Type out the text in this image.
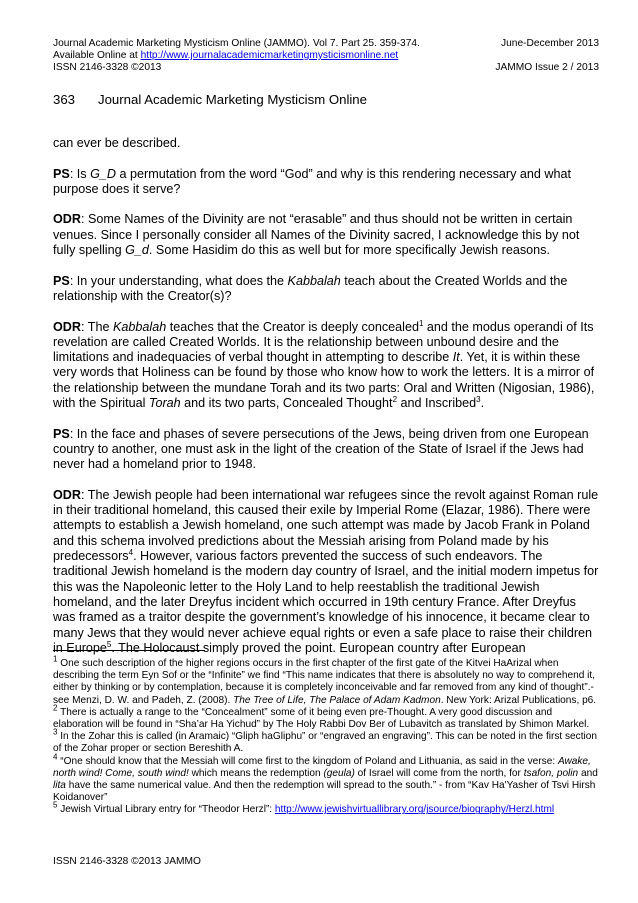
Journal Academic Marketing Mysticism Online (JAMMO). Vol 7. Part 25. 359-374.	June-December 2013
Available Online at http://www.journalacademicmarketingmysticismonline.net
ISSN 2146-3328 ©2013	JAMMO Issue 2 / 2013
363 Journal Academic Marketing Mysticism Online

can ever be described.

PS: Is G_D a permutation from the word “God” and why is this rendering necessary and what purpose does it serve?

ODR: Some Names of the Divinity are not “erasable” and thus should not be written in certain venues. Since I personally consider all Names of the Divinity sacred, I acknowledge this by not fully spelling G_d. Some Hasidim do this as well but for more specifically Jewish reasons.

PS: In your understanding, what does the Kabbalah teach about the Created Worlds and the relationship with the Creator(s)?

ODR: The Kabbalah teaches that the Creator is deeply concealed$^1$ and the modus operandi of Its revelation are called Created Worlds. It is the relationship between unbound desire and the limitations and inadequacies of verbal thought in attempting to describe It. Yet, it is within these very words that Holiness can be found by those who know how to work the letters. It is a mirror of the relationship between the mundane Torah and its two parts: Oral and Written (Nigosian, 1986), with the Spiritual Torah and its two parts, Concealed Thought$^2$ and Inscribed$^3$.

PS: In the face and phases of severe persecutions of the Jews, being driven from one European country to another, one must ask in the light of the creation of the State of Israel if the Jews had never had a homeland prior to 1948.

ODR: The Jewish people had been international war refugees since the revolt against Roman rule in their traditional homeland, this caused their exile by Imperial Rome (Elazar, 1986). There were attempts to establish a Jewish homeland, one such attempt was made by Jacob Frank in Poland and this schema involved predictions about the Messiah arising from Poland made by his predecessors$^4$. However, various factors prevented the success of such endeavors. The traditional Jewish homeland is the modern day country of Israel, and the initial modern impetus for this was the Napoleonic letter to the Holy Land to help reestablish the traditional Jewish homeland, and the later Dreyfus incident which occurred in 19th century France. After Dreyfus was framed as a traitor despite the government’s knowledge of his innocence, it became clear to many Jews that they would never achieve equal rights or even a safe place to raise their children in Europe$^5$. The Holocaust simply proved the point. European country after European

$^1$ One such description of the higher regions occurs in the first chapter of the first gate of the Kitvei HaArizal when describing the term Eyn Sof or the “Infinite” we find “This name indicates that there is absolutely no way to comprehend it, either by thinking or by contemplation, because it is completely inconceivable and far removed from any kind of thought”.- see Menzi, D. W. and Padeh, Z. (2008). The Tree of Life, The Palace of Adam Kadmon. New York: Arizal Publications, p6.

$^2$ There is actually a range to the “Concealment” some of it being even pre-Thought. A very good discussion and elaboration will be found in “Sha’ar Ha Yichud” by The Holy Rabbi Dov Ber of Lubavitch as translated by Shimon Markel.

$^3$ In the Zohar this is called (in Aramaic) “Gliph haGliphu” or “engraved an engraving”. This can be noted in the first section of the Zohar proper or section Bereshith A.

$^4$ “One should know that the Messiah will come first to the kingdom of Poland and Lithuania, as said in the verse: Awake, north wind! Come, south wind! which means the redemption (geula) of Israel will come from the north, for tsafon, polin and lita have the same numerical value. And then the redemption will spread to the south.” - from “Kav Ha'Yasher of Tsvi Hirsh Koidanover”

$^5$ Jewish Virtual Library entry for “Theodor Herzl”: http://www.jewishvirtuallibrary.org/jsource/biography/Herzl.html

ISSN 2146-3328 ©2013 JAMMO
